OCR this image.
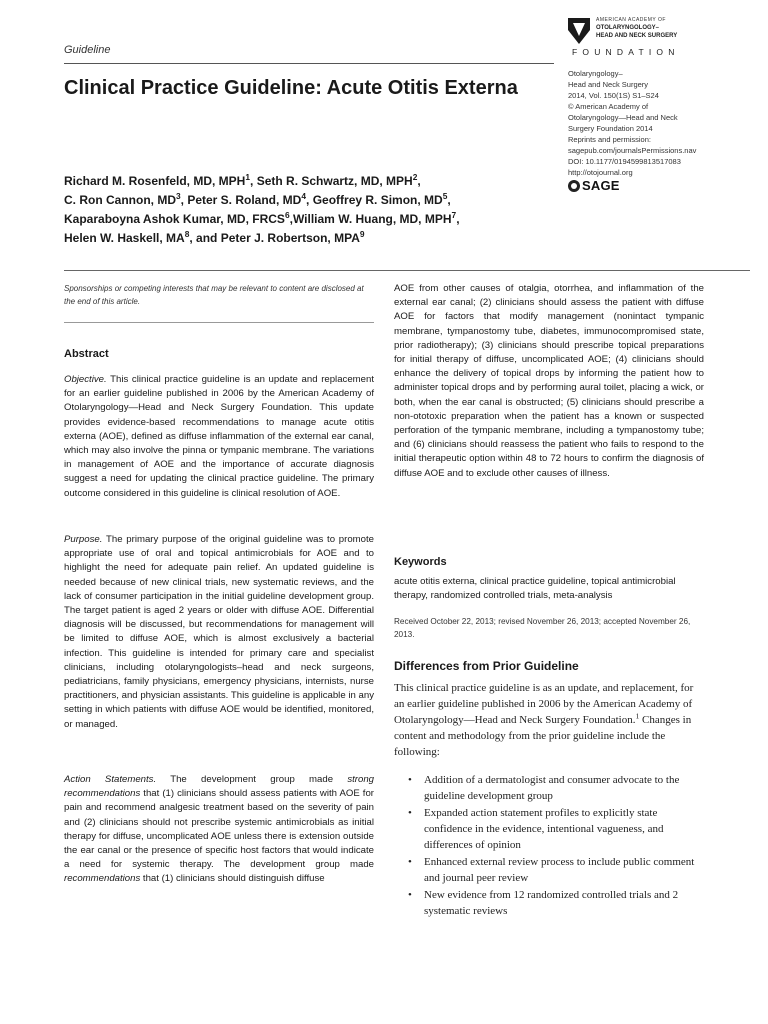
Guideline
AMERICAN ACADEMY OF
OTOLARYNGOLOGY–
HEAD AND NECK SURGERY
FOUNDATION
Clinical Practice Guideline: Acute Otitis Externa
Otolaryngology–
Head and Neck Surgery
2014, Vol. 150(1S) S1–S24
© American Academy of
Otolaryngology—Head and Neck
Surgery Foundation 2014
Reprints and permission:
sagepub.com/journalsPermissions.nav
DOI: 10.1177/0194599813517083
http://otojournal.org
SAGE
Richard M. Rosenfeld, MD, MPH$^1$, Seth R. Schwartz, MD, MPH$^2$,
C. Ron Cannon, $MD^3$, Peter S. Roland, $MD^4$, Geoffrey R. Simon, $MD^5$,
Kaparaboyna Ashok Kumar, MD, FRCS$^6$,William W. Huang, MD, MPH$^7$,
Helen W. Haskell, $MA^8$, and Peter J. Robertson, MPA$^9$
Sponsorships or competing interests that may be relevant to content are disclosed at the end of this article.
Abstract
Objective. This clinical practice guideline is an update and replacement for an earlier guideline published in 2006 by the American Academy of Otolaryngology—Head and Neck Surgery Foundation. This update provides evidence-based recommendations to manage acute otitis externa (AOE), defined as diffuse inflammation of the external ear canal, which may also involve the pinna or tympanic membrane. The variations in management of AOE and the importance of accurate diagnosis suggest a need for updating the clinical practice guideline. The primary outcome considered in this guideline is clinical resolution of AOE.
Purpose. The primary purpose of the original guideline was to promote appropriate use of oral and topical antimicrobials for AOE and to highlight the need for adequate pain relief. An updated guideline is needed because of new clinical trials, new systematic reviews, and the lack of consumer participation in the initial guideline development group. The target patient is aged 2 years or older with diffuse AOE. Differential diagnosis will be discussed, but recommendations for management will be limited to diffuse AOE, which is almost exclusively a bacterial infection. This guideline is intended for primary care and specialist clinicians, including otolaryngologists–head and neck surgeons, pediatricians, family physicians, emergency physicians, internists, nurse practitioners, and physician assistants. This guideline is applicable in any setting in which patients with diffuse AOE would be identified, monitored, or managed.
Action Statements. The development group made strong recommendations that (1) clinicians should assess patients with AOE for pain and recommend analgesic treatment based on the severity of pain and (2) clinicians should not prescribe systemic antimicrobials as initial therapy for diffuse, uncomplicated AOE unless there is extension outside the ear canal or the presence of specific host factors that would indicate a need for systemic therapy. The development group made recommendations that (1) clinicians should distinguish diffuse
AOE from other causes of otalgia, otorrhea, and inflammation of the external ear canal; (2) clinicians should assess the patient with diffuse AOE for factors that modify management (nonintact tympanic membrane, tympanostomy tube, diabetes, immunocompromised state, prior radiotherapy); (3) clinicians should prescribe topical preparations for initial therapy of diffuse, uncomplicated AOE; (4) clinicians should enhance the delivery of topical drops by informing the patient how to administer topical drops and by performing aural toilet, placing a wick, or both, when the ear canal is obstructed; (5) clinicians should prescribe a non-ototoxic preparation when the patient has a known or suspected perforation of the tympanic membrane, including a tympanostomy tube; and (6) clinicians should reassess the patient who fails to respond to the initial therapeutic option within 48 to 72 hours to confirm the diagnosis of diffuse AOE and to exclude other causes of illness.
Keywords
acute otitis externa, clinical practice guideline, topical antimicrobial therapy, randomized controlled trials, meta-analysis
Received October 22, 2013; revised November 26, 2013; accepted November 26, 2013.
Differences from Prior Guideline
This clinical practice guideline is as an update, and replacement, for an earlier guideline published in 2006 by the American Academy of Otolaryngology—Head and Neck Surgery Foundation.$^1$ Changes in content and methodology from the prior guideline include the following:
• Addition of a dermatologist and consumer advocate to the guideline development group
• Expanded action statement profiles to explicitly state confidence in the evidence, intentional vagueness, and differences of opinion
• Enhanced external review process to include public comment and journal peer review
• New evidence from 12 randomized controlled trials and 2 systematic reviews
